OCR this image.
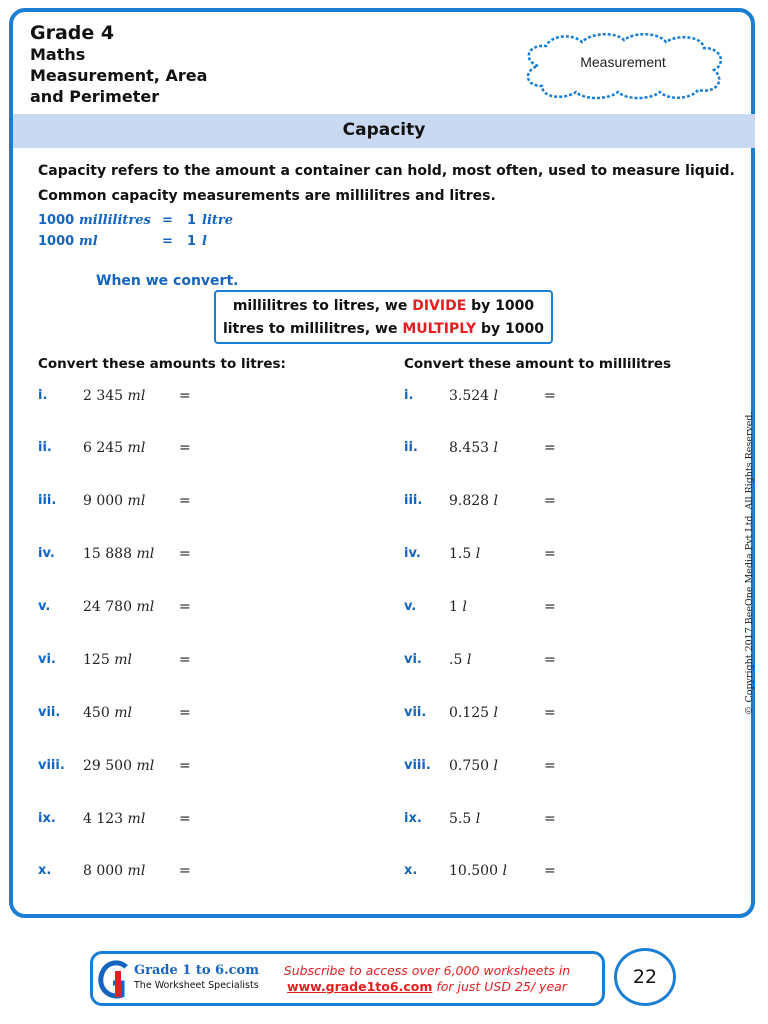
Grade 4
Maths
Measurement, Area
and Perimeter
Measurement
Capacity
Capacity refers to the amount a container can hold, most often, used to measure liquid.
Common capacity measurements are millilitres and litres.
1000 millilitres = 1 litre
1000 ml	= 1 l
When we convert.
millilitres to litres, we DIVIDE by 1000
litres to millilitres, we MULTIPLY by 1000
Convert these amounts to litres:	Convert these amount to millilitres
i.	2 345 ml =
ii. 6 245 ml =
iii. 9 000 ml =
iv. 15 888 ml =
v. 24 780 ml =
vi. 125 ml	=
vii. 450 ml	=
viii. 29 500 ml =
ix. 4 123 ml =
x. 8 000 ml =
i.	3.524 l	=
ii. 8.453 l	=
iii. 9.828 l	=
iv. 1.5 l	=
v. 1 l	=
vi. .5 l	=
vii. 0.125 l	=
viii. 0.750 l	=
ix. 5.5 l	=
x. 10.500 l	=
© Copyright 2017 BeeOne Media Pvt Ltd. All Rights Reserved.
Grade 1 to 6.com
The Worksheet Specialists
Subscribe to access over 6,000 worksheets in
www.grade1to6.com for just USD 25/ year	22
